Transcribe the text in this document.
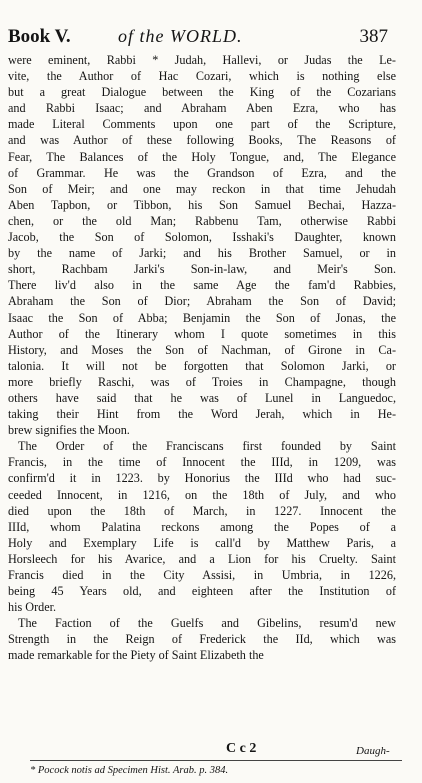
Book V.	of the WORLD.	387
were eminent, Rabbi * Judah, Hallevi, or Judas the Le-
vite, the Author of Hac Cozari, which is nothing else
but a great Dialogue between the King of the Cozarians
and Rabbi Isaac; and Abraham Aben Ezra, who has
made Literal Comments upon one part of the Scripture,
and was Author of these following Books, The Reasons of
Fear, The Balances of the Holy Tongue, and, The Elegance
of Grammar. He was the Grandson of Ezra, and the
Son of Meir; and one may reckon in that time Jehudah
Aben Tapbon, or Tibbon, his Son Samuel Bechai, Hazza-
chen, or the old Man; Rabbenu Tam, otherwise Rabbi
Jacob, the Son of Solomon, Isshaki's Daughter, known
by the name of Jarki; and his Brother Samuel, or in
short, Rachbam Jarki's Son-in-law, and Meir's Son.
There liv'd also in the same Age the fam'd Rabbies,
Abraham the Son of Dior; Abraham the Son of David;
Isaac the Son of Abba; Benjamin the Son of Jonas, the
Author of the Itinerary whom I quote sometimes in this
History, and Moses the Son of Nachman, of Girone in Ca-
talonia. It will not be forgotten that Solomon Jarki, or
more briefly Raschi, was of Troies in Champagne, though
others have said that he was of Lunel in Languedoc,
taking their Hint from the Word Jerah, which in He-
brew signifies the Moon.
The Order of the Franciscans first founded by Saint
Francis, in the time of Innocent the IIId, in 1209, was
confirm'd it in 1223. by Honorius the IIId who had suc-
ceeded Innocent, in 1216, on the 18th of July, and who
died upon the 18th of March, in 1227. Innocent the
IIId, whom Palatina reckons among the Popes of a
Holy and Exemplary Life is call'd by Matthew Paris, a
Horsleech for his Avarice, and a Lion for his Cruelty. Saint
Francis died in the City Assisi, in Umbria, in 1226,
being 45 Years old, and eighteen after the Institution of
his Order.
The Faction of the Guelfs and Gibelins, resum'd new
Strength in the Reign of Frederick the IId, which was
made remarkable for the Piety of Saint Elizabeth the
C c 2	Daugh-
* Pocock notis ad Specimen Hist. Arab. p. 384.
